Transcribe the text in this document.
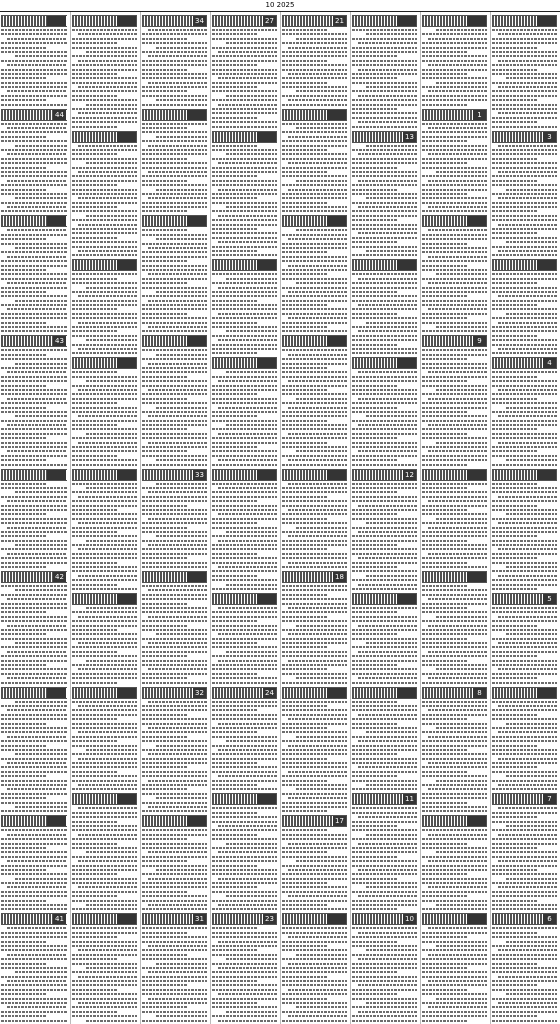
10 2025
44
43
42
41
34
33
32
31
27
24
23
21
18
17
13
12
11
10
1
9
8
3
4
5
7
6
